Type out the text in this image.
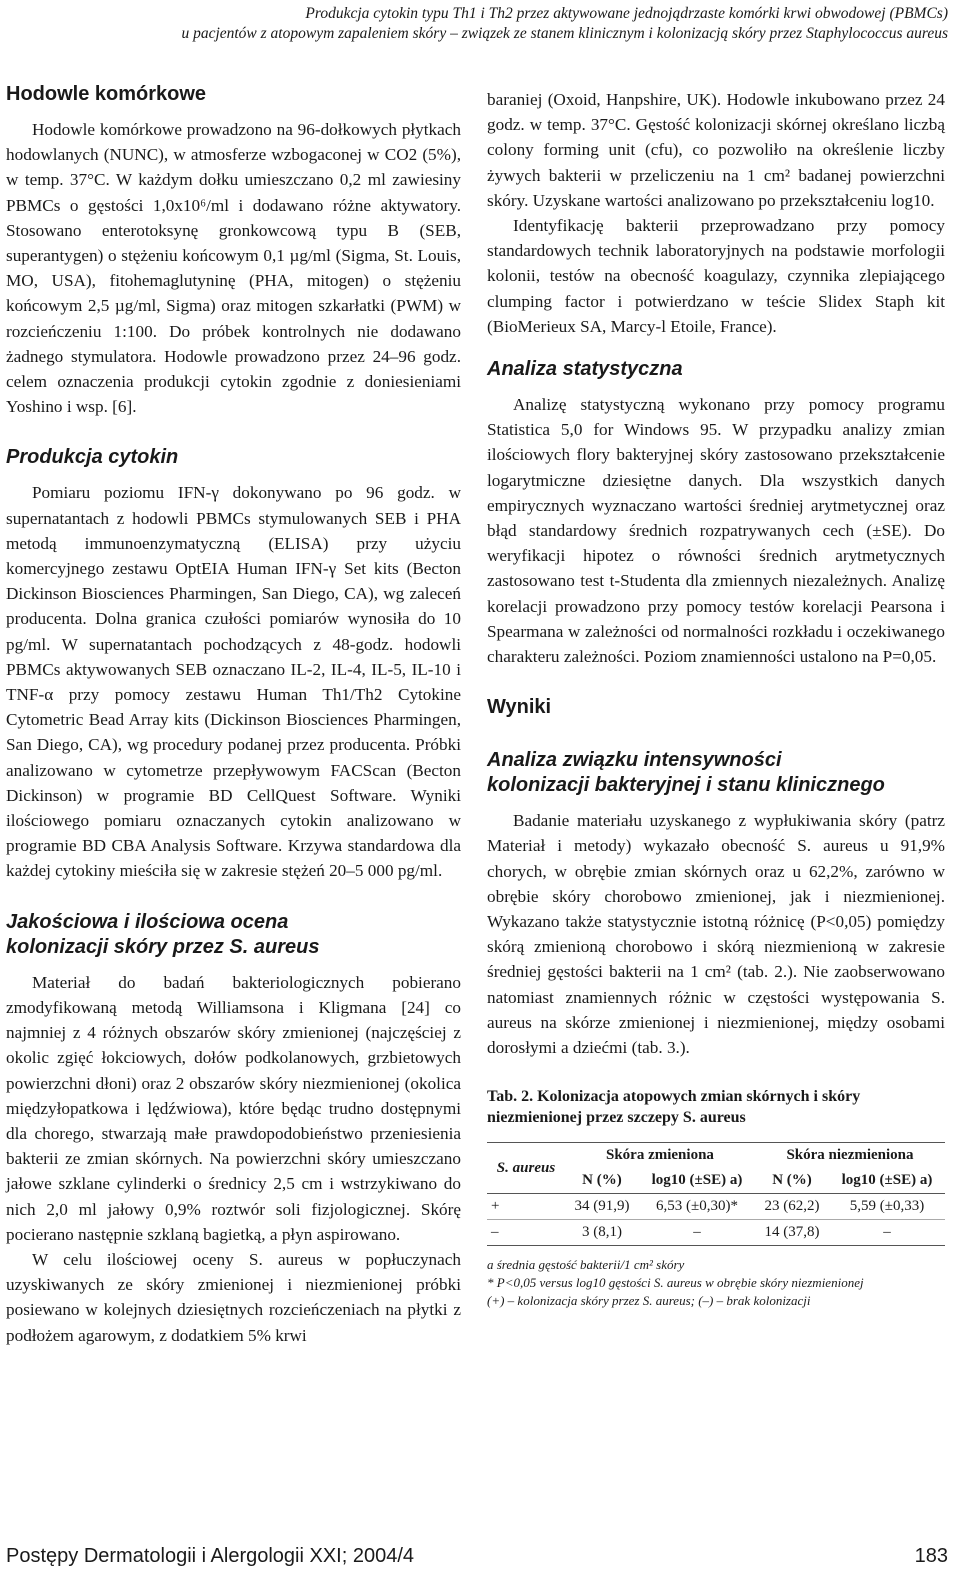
Produkcja cytokin typu Th1 i Th2 przez aktywowane jednojądrzaste komórki krwi obwodowej (PBMCs)
u pacjentów z atopowym zapaleniem skóry – związek ze stanem klinicznym i kolonizacją skóry przez Staphylococcus aureus
Hodowle komórkowe

Hodowle komórkowe prowadzono na 96-dołkowych płytkach hodowlanych (NUNC), w atmosferze wzbogaconej w CO2 (5%), w temp. 37°C. W każdym dołku umieszczano 0,2 ml zawiesiny PBMCs o gęstości 1,0x10⁶/ml i dodawano różne aktywatory. Stosowano enterotoksynę gronkowcową typu B (SEB, superantygen) o stężeniu końcowym 0,1 µg/ml (Sigma, St. Louis, MO, USA), fitohemaglutyninę (PHA, mitogen) o stężeniu końcowym 2,5 µg/ml, Sigma) oraz mitogen szkarłatki (PWM) w rozcieńczeniu 1:100. Do próbek kontrolnych nie dodawano żadnego stymulatora. Hodowle prowadzono przez 24–96 godz. celem oznaczenia produkcji cytokin zgodnie z doniesieniami Yoshino i wsp. [6].

Produkcja cytokin

Pomiaru poziomu IFN-γ dokonywano po 96 godz. w supernatantach z hodowli PBMCs stymulowanych SEB i PHA metodą immunoenzymatyczną (ELISA) przy użyciu komercyjnego zestawu OptEIA Human IFN-γ Set kits (Becton Dickinson Biosciences Pharmingen, San Diego, CA), wg zaleceń producenta. Dolna granica czułości pomiarów wynosiła do 10 pg/ml. W supernatantach pochodzących z 48-godz. hodowli PBMCs aktywowanych SEB oznaczano IL-2, IL-4, IL-5, IL-10 i TNF-α przy pomocy zestawu Human Th1/Th2 Cytokine Cytometric Bead Array kits (Dickinson Biosciences Pharmingen, San Diego, CA), wg procedury podanej przez producenta. Próbki analizowano w cytometrze przepływowym FACScan (Becton Dickinson) w programie BD CellQuest Software. Wyniki ilościowego pomiaru oznaczanych cytokin analizowano w programie BD CBA Analysis Software. Krzywa standardowa dla każdej cytokiny mieściła się w zakresie stężeń 20–5 000 pg/ml.

Jakościowa i ilościowa ocena
kolonizacji skóry przez S. aureus

Materiał do badań bakteriologicznych pobierano zmodyfikowaną metodą Williamsona i Kligmana [24] co najmniej z 4 różnych obszarów skóry zmienionej (najczęściej z okolic zgięć łokciowych, dołów podkolanowych, grzbietowych powierzchni dłoni) oraz 2 obszarów skóry niezmienionej (okolica międzyłopatkowa i lędźwiowa), które będąc trudno dostępnymi dla chorego, stwarzają małe prawdopodobieństwo przeniesienia bakterii ze zmian skórnych. Na powierzchni skóry umieszczano jałowe szklane cylinderki o średnicy 2,5 cm i wstrzykiwano do nich 2,0 ml jałowy 0,9% roztwór soli fizjologicznej. Skórę pocierano następnie szklaną bagietką, a płyn aspirowano.

W celu ilościowej oceny S. aureus w popłuczynach uzyskiwanych ze skóry zmienionej i niezmienionej próbki posiewano w kolejnych dziesiętnych rozcieńczeniach na płytki z podłożem agarowym, z dodatkiem 5% krwi

baraniej (Oxoid, Hanpshire, UK). Hodowle inkubowano przez 24 godz. w temp. 37°C. Gęstość kolonizacji skórnej określano liczbą colony forming unit (cfu), co pozwoliło na określenie liczby żywych bakterii w przeliczeniu na 1 cm² badanej powierzchni skóry. Uzyskane wartości analizowano po przekształceniu log10.

Identyfikację bakterii przeprowadzano przy pomocy standardowych technik laboratoryjnych na podstawie morfologii kolonii, testów na obecność koagulazy, czynnika zlepiającego clumping factor i potwierdzano w teście Slidex Staph kit (BioMerieux SA, Marcy-l Etoile, France).

Analiza statystyczna

Analizę statystyczną wykonano przy pomocy programu Statistica 5,0 for Windows 95. W przypadku analizy zmian ilościowych flory bakteryjnej skóry zastosowano przekształcenie logarytmiczne dziesiętne danych. Dla wszystkich danych empirycznych wyznaczano wartości średniej arytmetycznej oraz błąd standardowy średnich rozpatrywanych cech (±SE). Do weryfikacji hipotez o równości średnich arytmetycznych zastosowano test t-Studenta dla zmiennych niezależnych. Analizę korelacji prowadzono przy pomocy testów korelacji Pearsona i Spearmana w zależności od normalności rozkładu i oczekiwanego charakteru zależności. Poziom znamienności ustalono na P=0,05.

Wyniki
Analiza związku intensywności
kolonizacji bakteryjnej i stanu klinicznego

Badanie materiału uzyskanego z wypłukiwania skóry (patrz Materiał i metody) wykazało obecność S. aureus u 91,9% chorych, w obrębie zmian skórnych oraz u 62,2%, zarówno w obrębie skóry chorobowo zmienionej, jak i niezmienionej. Wykazano także statystycznie istotną różnicę (P<0,05) pomiędzy skórą zmienioną chorobowo i skórą niezmienioną w zakresie średniej gęstości bakterii na 1 cm² (tab. 2.). Nie zaobserwowano natomiast znamiennych różnic w częstości występowania S. aureus na skórze zmienionej i niezmienionej, między osobami dorosłymi a dziećmi (tab. 3.).

Tab. 2. Kolonizacja atopowych zmian skórnych i skóry niezmienionej przez szczepy S. aureus
S. aureus	Skóra zmieniona		Skóra niezmieniona	
	N (%)	log10 (±SE) a)	N (%)	log10 (±SE) a)
+	34 (91,9)	6,53 (±0,30)*	23 (62,2)	5,59 (±0,33)
–	3 (8,1)	–	14 (37,8)	–
a średnia gęstość bakterii/1 cm² skóry
* P<0,05 versus log10 gęstości S. aureus w obrębie skóry niezmienionej
(+) – kolonizacja skóry przez S. aureus; (–) – brak kolonizacji
Postępy Dermatologii i Alergologii XXI; 2004/4	183
